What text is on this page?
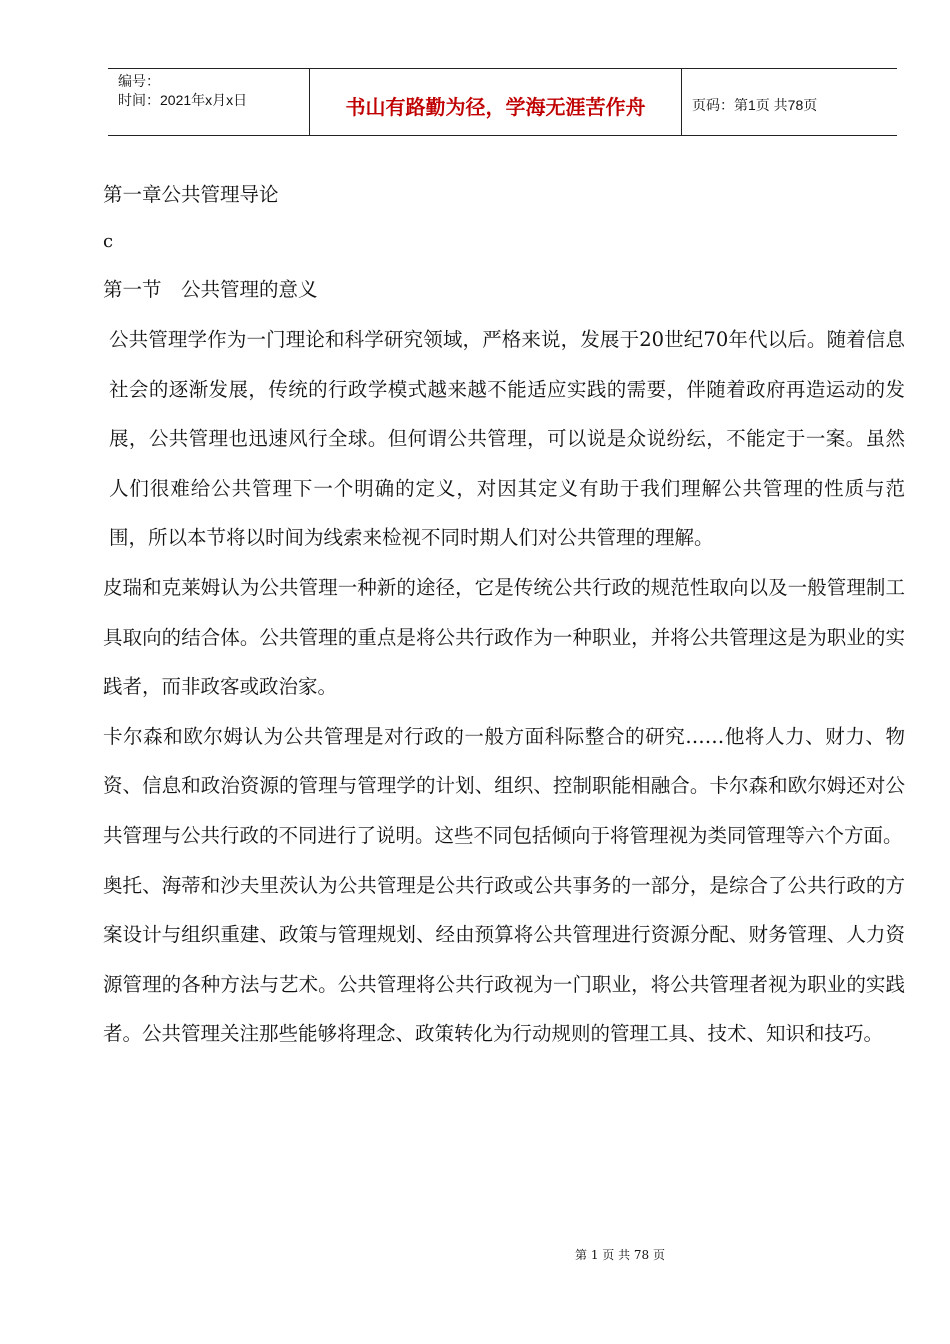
编号：
时间：2021年x月x日	书山有路勤为径，学海无涯苦作舟	页码：第1页 共78页

第一章公共管理导论

c

第一节　公共管理的意义

公共管理学作为一门理论和科学研究领域，严格来说，发展于20世纪70年代以后。随着信息社会的逐渐发展，传统的行政学模式越来越不能适应实践的需要，伴随着政府再造运动的发展，公共管理也迅速风行全球。但何谓公共管理，可以说是众说纷纭，不能定于一案。虽然人们很难给公共管理下一个明确的定义，对因其定义有助于我们理解公共管理的性质与范围，所以本节将以时间为线索来检视不同时期人们对公共管理的理解。

皮瑞和克莱姆认为公共管理一种新的途径，它是传统公共行政的规范性取向以及一般管理制工具取向的结合体。公共管理的重点是将公共行政作为一种职业，并将公共管理这是为职业的实践者，而非政客或政治家。

卡尔森和欧尔姆认为公共管理是对行政的一般方面科际整合的研究……他将人力、财力、物资、信息和政治资源的管理与管理学的计划、组织、控制职能相融合。卡尔森和欧尔姆还对公共管理与公共行政的不同进行了说明。这些不同包括倾向于将管理视为类同管理等六个方面。

奥托、海蒂和沙夫里茨认为公共管理是公共行政或公共事务的一部分，是综合了公共行政的方案设计与组织重建、政策与管理规划、经由预算将公共管理进行资源分配、财务管理、人力资源管理的各种方法与艺术。公共管理将公共行政视为一门职业，将公共管理者视为职业的实践者。公共管理关注那些能够将理念、政策转化为行动规则的管理工具、技术、知识和技巧。

第 1 页 共 78 页
